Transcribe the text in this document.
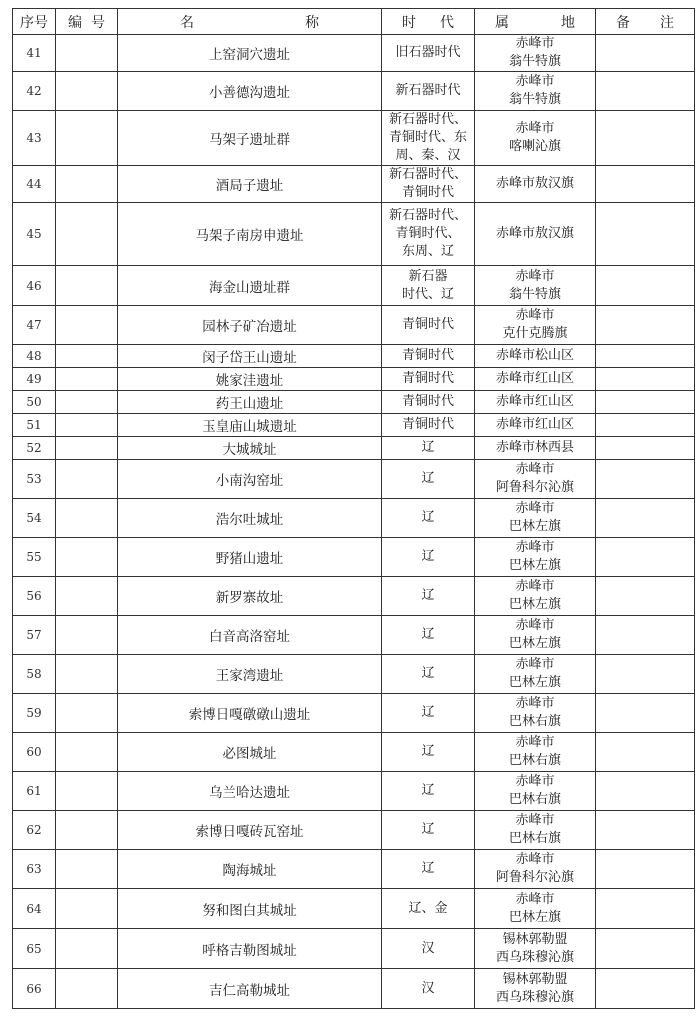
序号	编 号	名 称	时 代	属 地	备 注

41		上窑洞穴遗址	旧石器时代	赤峰市
翁牛特旗	

42		小善德沟遗址	新石器时代	赤峰市
翁牛特旗	

43		马架子遗址群	新石器时代、
青铜时代、东
周、秦、汉	赤峰市
喀喇沁旗	

44		酒局子遗址	新石器时代、
青铜时代	赤峰市敖汉旗	

45		马架子南房申遗址	新石器时代、
青铜时代、
东周、辽	赤峰市敖汉旗	

46		海金山遗址群	新石器
时代、辽	赤峰市
翁牛特旗	

47		园林子矿冶遗址	青铜时代	赤峰市
克什克腾旗	

48		闵子岱王山遗址	青铜时代	赤峰市松山区	

49		姚家洼遗址	青铜时代	赤峰市红山区	

50		药王山遗址	青铜时代	赤峰市红山区	

51		玉皇庙山城遗址	青铜时代	赤峰市红山区	

52		大城城址	辽	赤峰市林西县	

53		小南沟窑址	辽	赤峰市
阿鲁科尔沁旗	

54		浩尔吐城址	辽	赤峰市
巴林左旗	

55		野猪山遗址	辽	赤峰市
巴林左旗	

56		新罗寨故址	辽	赤峰市
巴林左旗	

57		白音高洛窑址	辽	赤峰市
巴林左旗	

58		王家湾遗址	辽	赤峰市
巴林左旗	

59		索博日嘎礅礅山遗址	辽	赤峰市
巴林右旗	

60		必图城址	辽	赤峰市
巴林右旗	

61		乌兰哈达遗址	辽	赤峰市
巴林右旗	

62		索博日嘎砖瓦窑址	辽	赤峰市
巴林右旗	

63		陶海城址	辽	赤峰市
阿鲁科尔沁旗	

64		努和图白其城址	辽、金	赤峰市
巴林左旗	

65		呼格吉勒图城址	汉	锡林郭勒盟
西乌珠穆沁旗	

66		吉仁高勒城址	汉	锡林郭勒盟
西乌珠穆沁旗	
